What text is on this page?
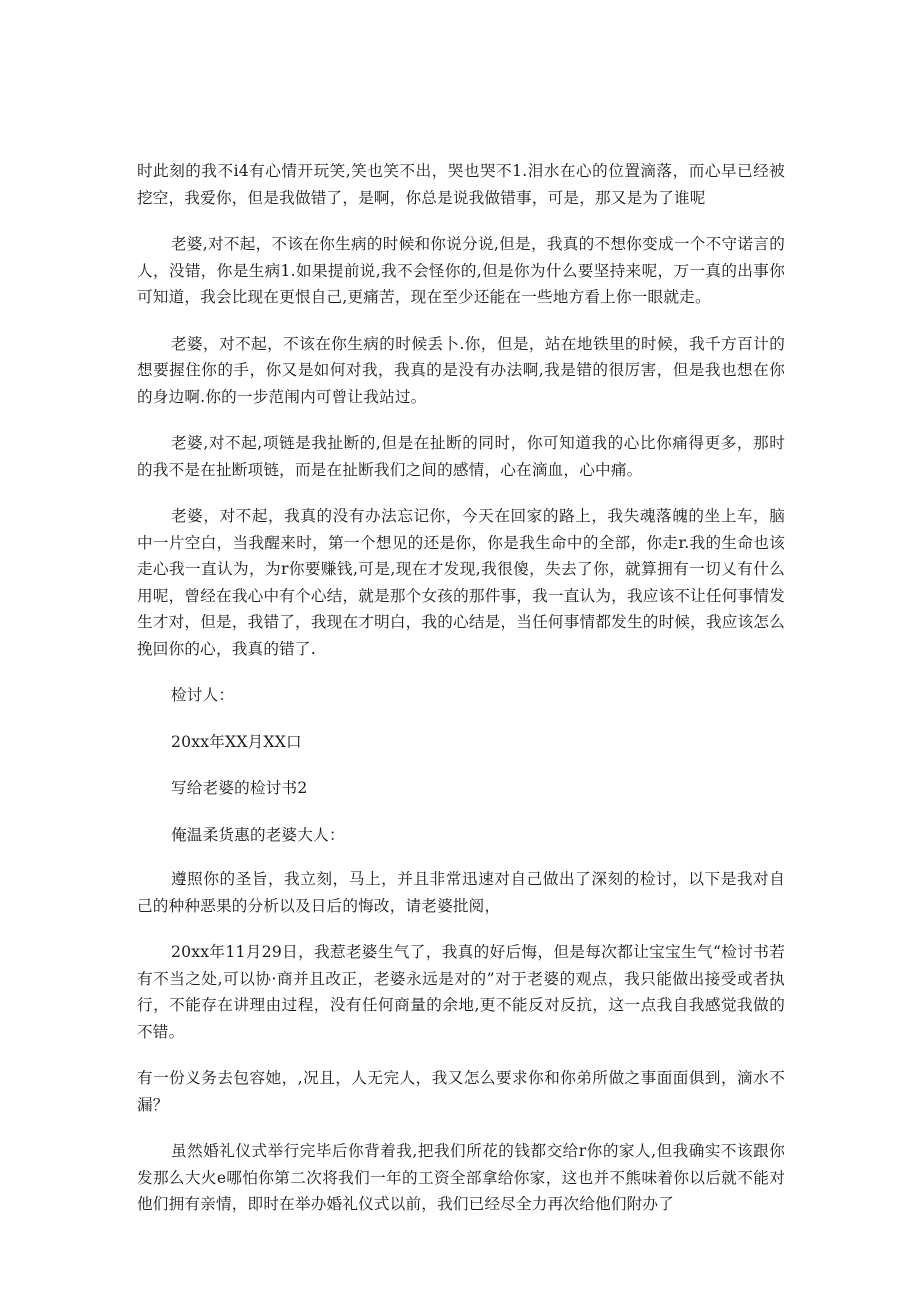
时此刻的我不i4有心情开玩笑,笑也笑不出，哭也哭不1.泪水在心的位置滴落，而心早已经被挖空，我爱你，但是我做错了，是啊，你总是说我做错事，可是，那又是为了谁呢

老婆,对不起，不该在你生病的时候和你说分说,但是，我真的不想你变成一个不守诺言的人，没错，你是生病1.如果提前说,我不会怪你的,但是你为什么要坚持来呢，万一真的出事你可知道，我会比现在更恨自己,更痛苦，现在至少还能在一些地方看上你一眼就走。

老婆，对不起，不该在你生病的时候丢卜.你，但是，站在地铁里的时候，我千方百计的想要握住你的手，你又是如何对我，我真的是没有办法啊,我是错的很厉害，但是我也想在你的身边啊.你的一步范闱内可曾让我站过。

老婆,对不起,项链是我扯断的,但是在扯断的同时，你可知道我的心比你痛得更多，那时的我不是在扯断项链，而是在扯断我们之间的感情，心在滴血，心中痛。

老婆，对不起，我真的没有办法忘记你，今天在回家的路上，我失魂落魄的坐上车，脑中一片空白，当我醒来时，第一个想见的还是你，你是我生命中的全部，你走r.我的生命也该走心我一直认为，为r你要赚钱,可是,现在才发现,我很傻，失去了你，就算拥有一切乂有什么用呢，曾经在我心中有个心结，就是那个女孩的那件事，我一直认为，我应该不让任何事情发生才对，但是，我错了，我现在才明白，我的心结是，当任何事情都发生的时候，我应该怎么挽回你的心，我真的错了.

检讨人：

20xx年XX月XX口

写给老婆的检讨书2

俺温柔货惠的老婆大人：

遵照你的圣旨，我立刻，马上，并且非常迅速对自己做出了深刻的检讨，以下是我对自己的种种恶果的分析以及日后的悔改，请老婆批阅，

20xx年11月29日，我惹老婆生气了，我真的好后悔，但是每次都让宝宝生气“检讨书若有不当之处,可以协·商并且改正，老婆永远是对的”对于老婆的观点，我只能做出接受或者执行，不能存在讲理由过程，没有任何商量的余地,更不能反对反抗，这一点我自我感觉我做的不错。

有一份义务去包容她，,况且，人无完人，我又怎么要求你和你弟所做之事面面俱到，滴水不漏？

虽然婚礼仪式举行完毕后你背着我,把我们所花的钱都交给r你的家人,但我确实不该跟你发那么大火e哪怕你第二次将我们一年的工资全部拿给你家，这也并不熊味着你以后就不能对他们拥有亲情，即时在举办婚礼仪式以前，我们已经尽全力再次给他们附办了
